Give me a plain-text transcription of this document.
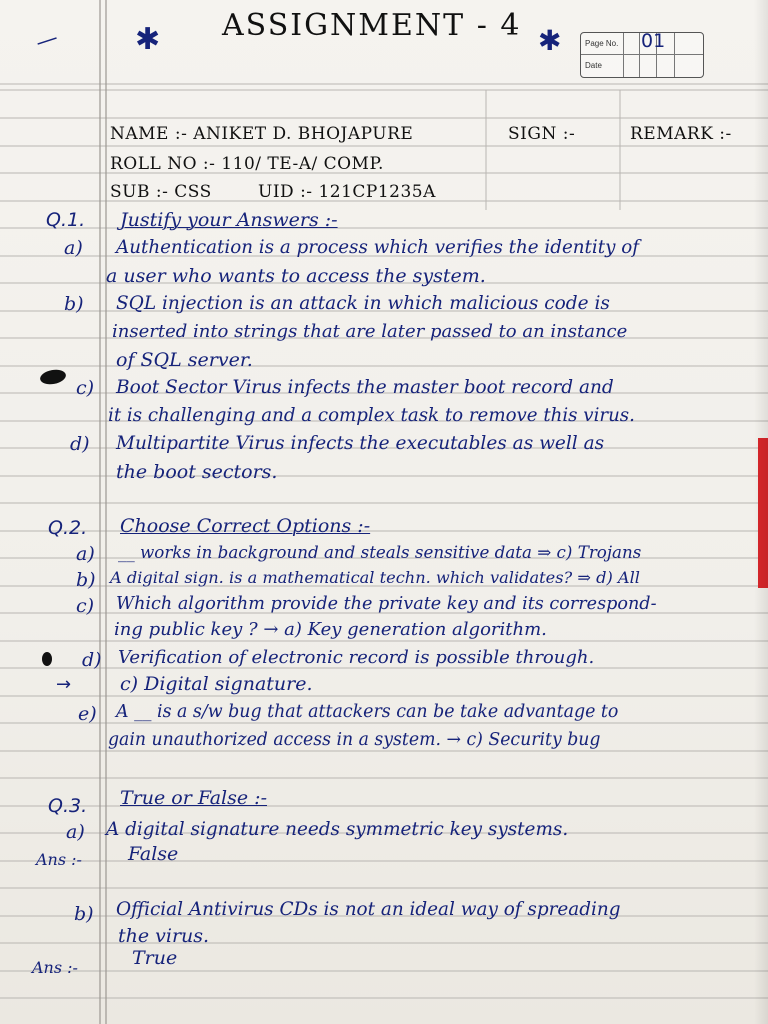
— ✱ ASSIGNMENT - 4 ✱	Page No.
Date
01
NAME :- ANIKET D. BHOJAPURE	SIGN :-	REMARK :-
ROLL NO :- 110/ TE-A/ COMP.
SUB :- CSS	UID :- 121CP1235A
Q.1. Justify your Answers :-
a) Authentication is a process which verifies the identity of
a user who wants to access the system.
b) SQL injection is an attack in which malicious code is
inserted into strings that are later passed to an instance
of SQL server.
c) Boot Sector Virus infects the master boot record and
it is challenging and a complex task to remove this virus.
d) Multipartite Virus infects the executables as well as
the boot sectors.
Q.2. Choose Correct Options :-
a) __ works in background and steals sensitive data ⇒ c) Trojans
b) A digital sign. is a mathematical techn. which validates? ⇒ d) All
c) Which algorithm provide the private key and its correspond-
ing public key ? → a) Key generation algorithm.
d) Verification of electronic record is possible through.
→	c) Digital signature.
e) A __ is a s/w bug that attackers can be take advantage to
gain unauthorized access in a system. → c) Security bug
Q.3. True or False :-
a) A digital signature needs symmetric key systems.
Ans :- False
b) Official Antivirus CDs is not an ideal way of spreading
the virus.
Ans :-	True
